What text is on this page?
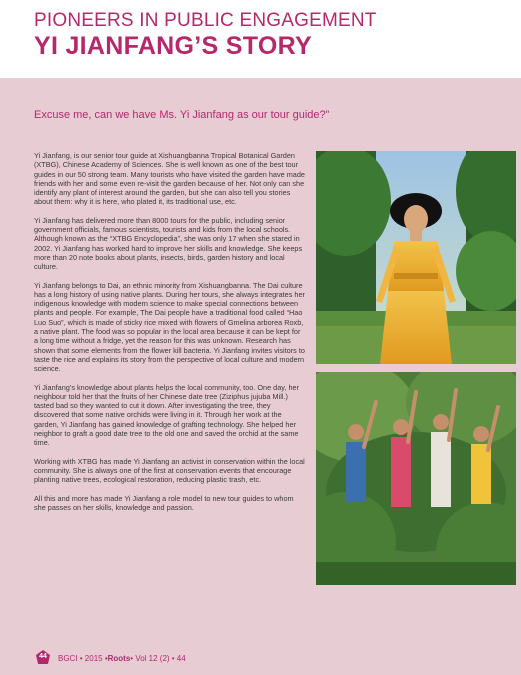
PIONEERS IN PUBLIC ENGAGEMENT
YI JIANFANG’S STORY
Excuse me, can we have Ms. Yi Jianfang as our tour guide?”

Yi Jianfang, is our senior tour guide at Xishuangbanna Tropical Botanical Garden (XTBG), Chinese Academy of Sciences. She is well known as one of the best tour guides in our 50 strong team. Many tourists who have visited the garden have made friends with her and some even re-visit the garden because of her. Not only can she identify any plant of interest around the garden, but she can also tell you stories about them: why it is here, who plated it, its traditional use, etc.

Yi Jianfang has delivered more than 8000 tours for the public, including senior government officials, famous scientists, tourists and kids from the local schools. Although known as the “XTBG Encyclopedia”, she was only 17 when she stared in 2002. Yi Jianfang has worked hard to improve her skills and knowledge. She keeps more than 20 note books about plants, insects, birds, garden history and local culture.

Yi Jianfang belongs to Dai, an ethnic minority from Xishuangbanna. The Dai culture has a long history of using native plants. During her tours, she always integrates her indigenous knowledge with modern science to make special connections between plants and people. For example, The Dai people have a traditional food called “Hao Luo Suo”, which is made of sticky rice mixed with flowers of Gmelina arborea Roxb, a native plant. The food was so popular in the local area because it can be kept for a long time without a fridge, yet the reason for this was unknown. Research has shown that some elements from the flower kill bacteria. Yi Jianfang invites visitors to taste the rice and explains its story from the perspective of local culture and modern science.

Yi Jianfang’s knowledge about plants helps the local community, too. One day, her neighbour told her that the fruits of her Chinese date tree (Ziziphus jujuba Mill.) tasted bad so they wanted to cut it down. After investigating the tree, they discovered that some native orchids were living in it. Through her work at the garden, Yi Jianfang has gained knowledge of grafting technology. She helped her neighbor to graft a good date tree to the old one and saved the orchid at the same time.

Working with XTBG has made Yi Jianfang an activist in conservation within the local community. She is always one of the first at conservation events that encourage planting native trees, ecological restoration, reducing plastic trash, etc.

All this and more has made Yi Jianfang a role model to new tour guides to whom she passes on her skills, knowledge and passion.

44	BGCI • 2015 • Roots • Vol 12 (2) • 44
